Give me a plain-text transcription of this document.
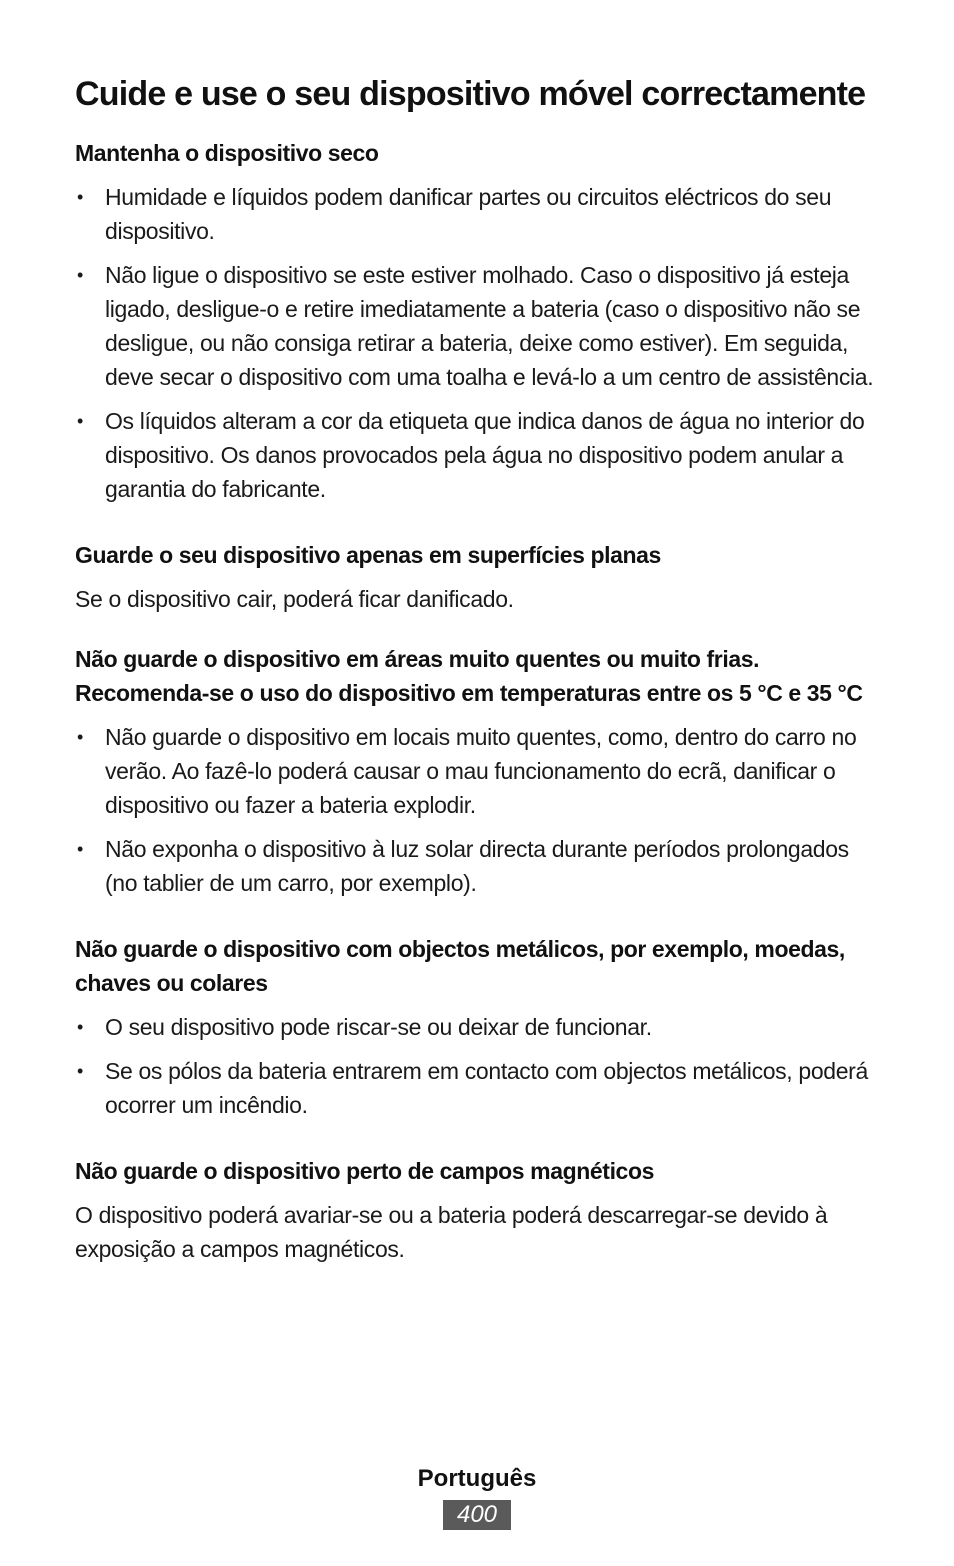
Cuide e use o seu dispositivo móvel correctamente
Mantenha o dispositivo seco
• Humidade e líquidos podem danificar partes ou circuitos eléctricos do seu dispositivo.
• Não ligue o dispositivo se este estiver molhado. Caso o dispositivo já esteja ligado, desligue-o e retire imediatamente a bateria (caso o dispositivo não se desligue, ou não consiga retirar a bateria, deixe como estiver). Em seguida, deve secar o dispositivo com uma toalha e levá-lo a um centro de assistência.
• Os líquidos alteram a cor da etiqueta que indica danos de água no interior do dispositivo. Os danos provocados pela água no dispositivo podem anular a garantia do fabricante.
Guarde o seu dispositivo apenas em superfícies planas

Se o dispositivo cair, poderá ficar danificado.

Não guarde o dispositivo em áreas muito quentes ou muito frias. Recomenda-se o uso do dispositivo em temperaturas entre os 5 °C e 35 °C
• Não guarde o dispositivo em locais muito quentes, como, dentro do carro no verão. Ao fazê-lo poderá causar o mau funcionamento do ecrã, danificar o dispositivo ou fazer a bateria explodir.
• Não exponha o dispositivo à luz solar directa durante períodos prolongados (no tablier de um carro, por exemplo).
Não guarde o dispositivo com objectos metálicos, por exemplo, moedas, chaves ou colares
• O seu dispositivo pode riscar-se ou deixar de funcionar.
• Se os pólos da bateria entrarem em contacto com objectos metálicos, poderá ocorrer um incêndio.
Não guarde o dispositivo perto de campos magnéticos

O dispositivo poderá avariar-se ou a bateria poderá descarregar-se devido à exposição a campos magnéticos.

Português
400
